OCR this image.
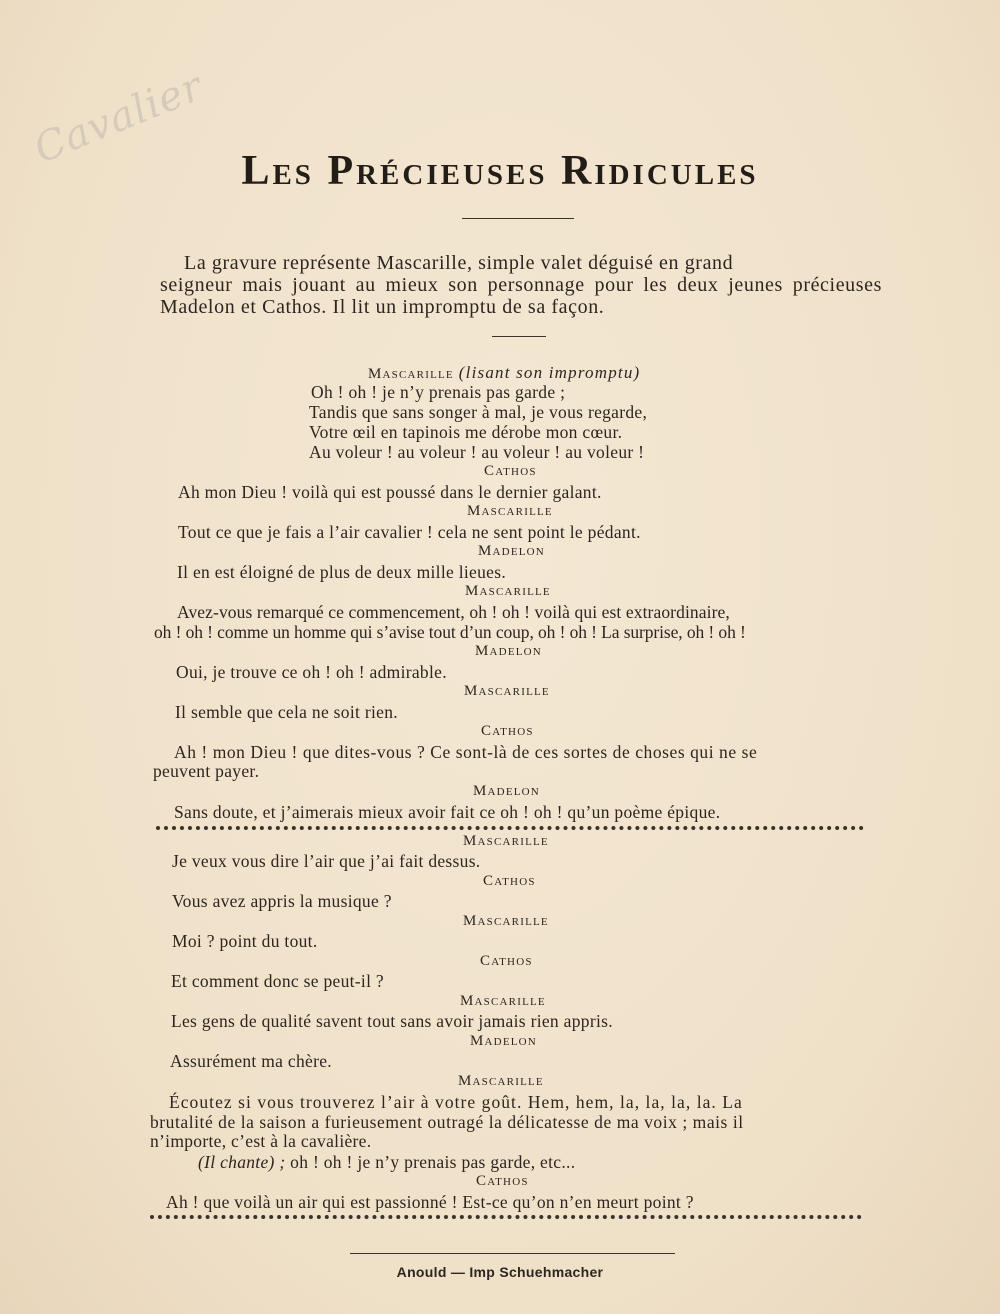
Cavalier Les Précieuses Ridicules
La gravure représente Mascarille, simple valet déguisé en grand
seigneur mais jouant au mieux son personnage pour les deux jeunes précieuses Madelon et Cathos. Il lit un impromptu de sa façon.
Mascarille (lisant son impromptu)
Oh ! oh ! je n’y prenais pas garde ;
Tandis que sans songer à mal, je vous regarde,
Votre œil en tapinois me dérobe mon cœur.
Au voleur ! au voleur ! au voleur ! au voleur !
Cathos
Ah mon Dieu ! voilà qui est poussé dans le dernier galant.
Mascarille
Tout ce que je fais a l’air cavalier ! cela ne sent point le pédant.
Madelon
Il en est éloigné de plus de deux mille lieues.
Mascarille
Avez-vous remarqué ce commencement, oh ! oh ! voilà qui est extraordinaire,
oh ! oh ! comme un homme qui s’avise tout d’un coup, oh ! oh ! La surprise, oh ! oh !
Madelon
Oui, je trouve ce oh ! oh ! admirable.
Mascarille
Il semble que cela ne soit rien.
Cathos
Ah ! mon Dieu ! que dites-vous ? Ce sont-là de ces sortes de choses qui ne se
peuvent payer.
Madelon
Sans doute, et j’aimerais mieux avoir fait ce oh ! oh ! qu’un poème épique.
Mascarille
Je veux vous dire l’air que j’ai fait dessus.
Cathos
Vous avez appris la musique ?
Mascarille
Moi ? point du tout.
Cathos
Et comment donc se peut-il ?
Mascarille
Les gens de qualité savent tout sans avoir jamais rien appris.
Madelon
Assurément ma chère.
Mascarille
Écoutez si vous trouverez l’air à votre goût. Hem, hem, la, la, la, la. La
brutalité de la saison a furieusement outragé la délicatesse de ma voix ; mais il
n’importe, c’est à la cavalière.
(Il chante) ; oh ! oh ! je n’y prenais pas garde, etc...
Cathos
Ah ! que voilà un air qui est passionné ! Est-ce qu’on n’en meurt point ?
Anould — Imp Schuehmacher
